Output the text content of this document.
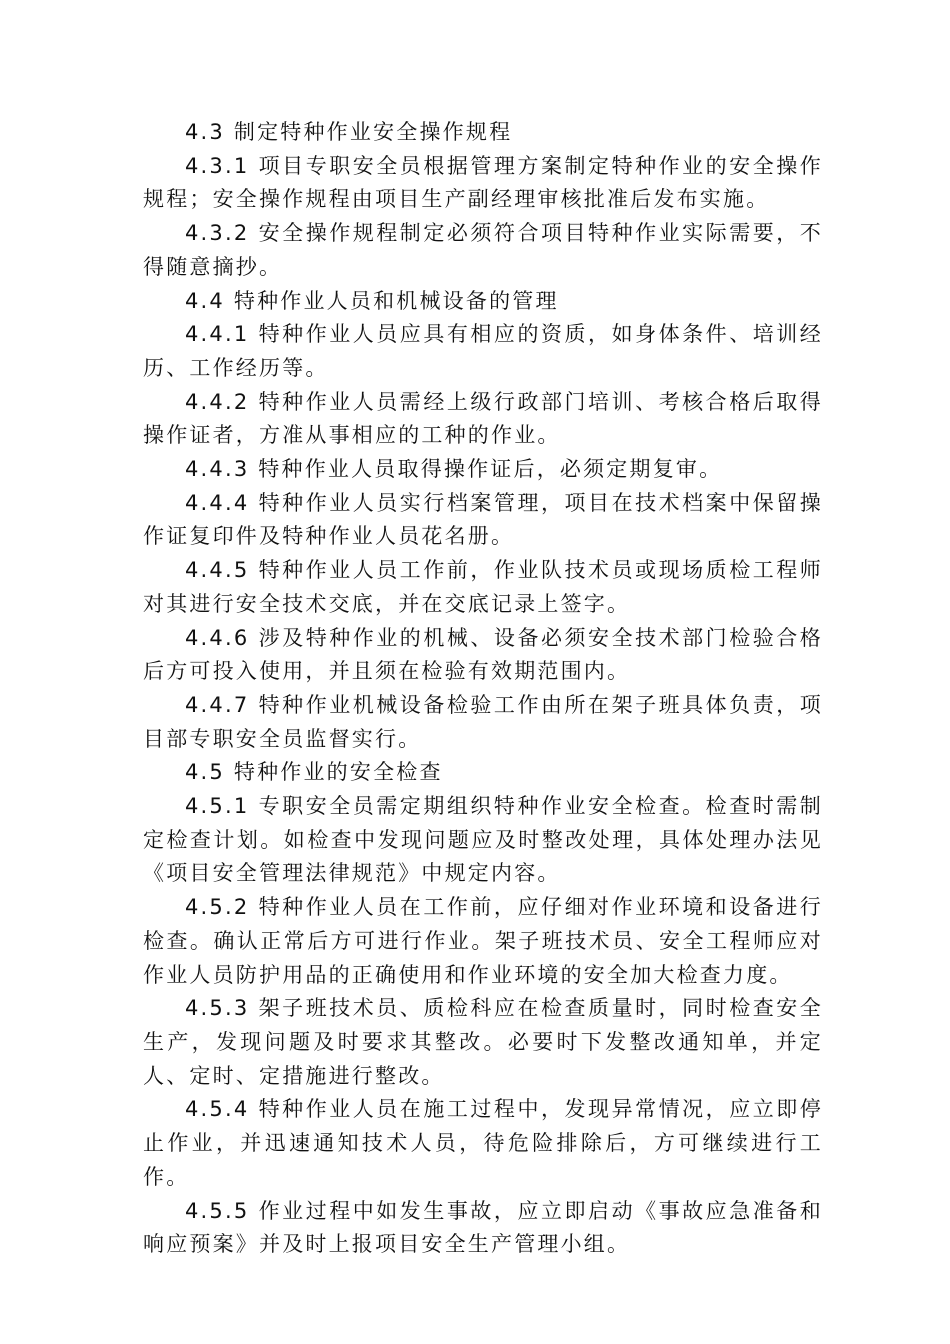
4.3 制定特种作业安全操作规程

4.3.1 项目专职安全员根据管理方案制定特种作业的安全操作规程；安全操作规程由项目生产副经理审核批准后发布实施。

4.3.2 安全操作规程制定必须符合项目特种作业实际需要，不得随意摘抄。

4.4 特种作业人员和机械设备的管理

4.4.1 特种作业人员应具有相应的资质，如身体条件、培训经历、工作经历等。

4.4.2 特种作业人员需经上级行政部门培训、考核合格后取得操作证者，方准从事相应的工种的作业。

4.4.3 特种作业人员取得操作证后，必须定期复审。

4.4.4 特种作业人员实行档案管理，项目在技术档案中保留操作证复印件及特种作业人员花名册。

4.4.5 特种作业人员工作前，作业队技术员或现场质检工程师对其进行安全技术交底，并在交底记录上签字。

4.4.6 涉及特种作业的机械、设备必须安全技术部门检验合格后方可投入使用，并且须在检验有效期范围内。

4.4.7 特种作业机械设备检验工作由所在架子班具体负责，项目部专职安全员监督实行。

4.5 特种作业的安全检查

4.5.1 专职安全员需定期组织特种作业安全检查。检查时需制定检查计划。如检查中发现问题应及时整改处理，具体处理办法见《项目安全管理法律规范》中规定内容。

4.5.2 特种作业人员在工作前，应仔细对作业环境和设备进行检查。确认正常后方可进行作业。架子班技术员、安全工程师应对作业人员防护用品的正确使用和作业环境的安全加大检查力度。

4.5.3 架子班技术员、质检科应在检查质量时，同时检查安全生产，发现问题及时要求其整改。必要时下发整改通知单，并定人、定时、定措施进行整改。

4.5.4 特种作业人员在施工过程中，发现异常情况，应立即停止作业，并迅速通知技术人员，待危险排除后，方可继续进行工作。

4.5.5 作业过程中如发生事故，应立即启动《事故应急准备和响应预案》并及时上报项目安全生产管理小组。
